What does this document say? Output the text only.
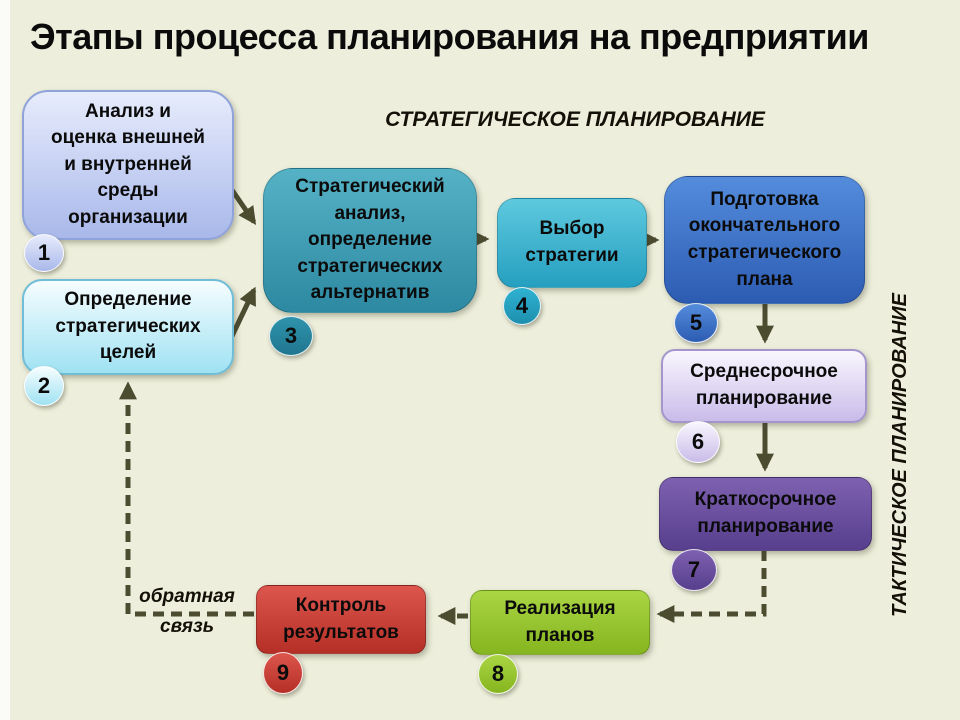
Этапы процесса планирования на предприятии
СТРАТЕГИЧЕСКОЕ ПЛАНИРОВАНИЕ
ТАКТИЧЕСКОЕ ПЛАНИРОВАНИЕ
Анализ и
оценка внешней
и внутренней
среды
организации
1
Определение
стратегических
целей
2
Стратегический
анализ,
определение
стратегических
альтернатив
3
Выбор
стратегии
4
Подготовка
окончательного
стратегического
плана
5
Среднесрочное
планирование
6
Краткосрочное
планирование
7
Реализация
планов
8
Контроль
результатов
9
обратная
связь
